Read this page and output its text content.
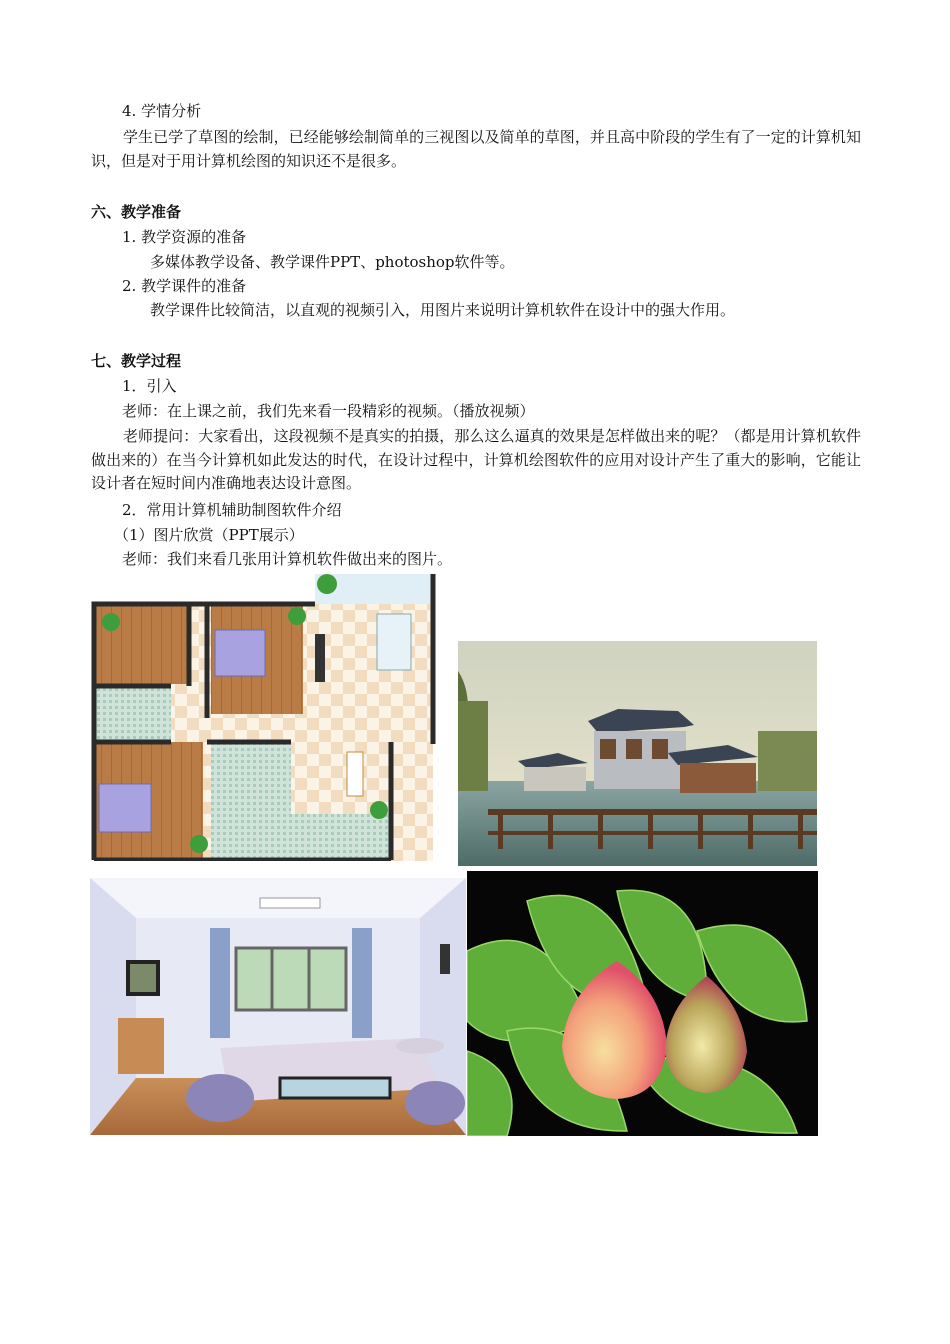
4. 学情分析
学生已学了草图的绘制，已经能够绘制简单的三视图以及简单的草图，并且高中阶段的学生有了一定的计算机知识，但是对于用计算机绘图的知识还不是很多。
六、教学准备
1. 教学资源的准备
多媒体教学设备、教学课件PPT、photoshop软件等。
2. 教学课件的准备
教学课件比较简洁，以直观的视频引入，用图片来说明计算机软件在设计中的强大作用。
七、教学过程
1．引入
老师：在上课之前，我们先来看一段精彩的视频。（播放视频）
老师提问：大家看出，这段视频不是真实的拍摄，那么这么逼真的效果是怎样做出来的呢？（都是用计算机软件做出来的）在当今计算机如此发达的时代，在设计过程中，计算机绘图软件的应用对设计产生了重大的影响，它能让设计者在短时间内准确地表达设计意图。
2．常用计算机辅助制图软件介绍
（1）图片欣赏（PPT展示）
老师：我们来看几张用计算机软件做出来的图片。
